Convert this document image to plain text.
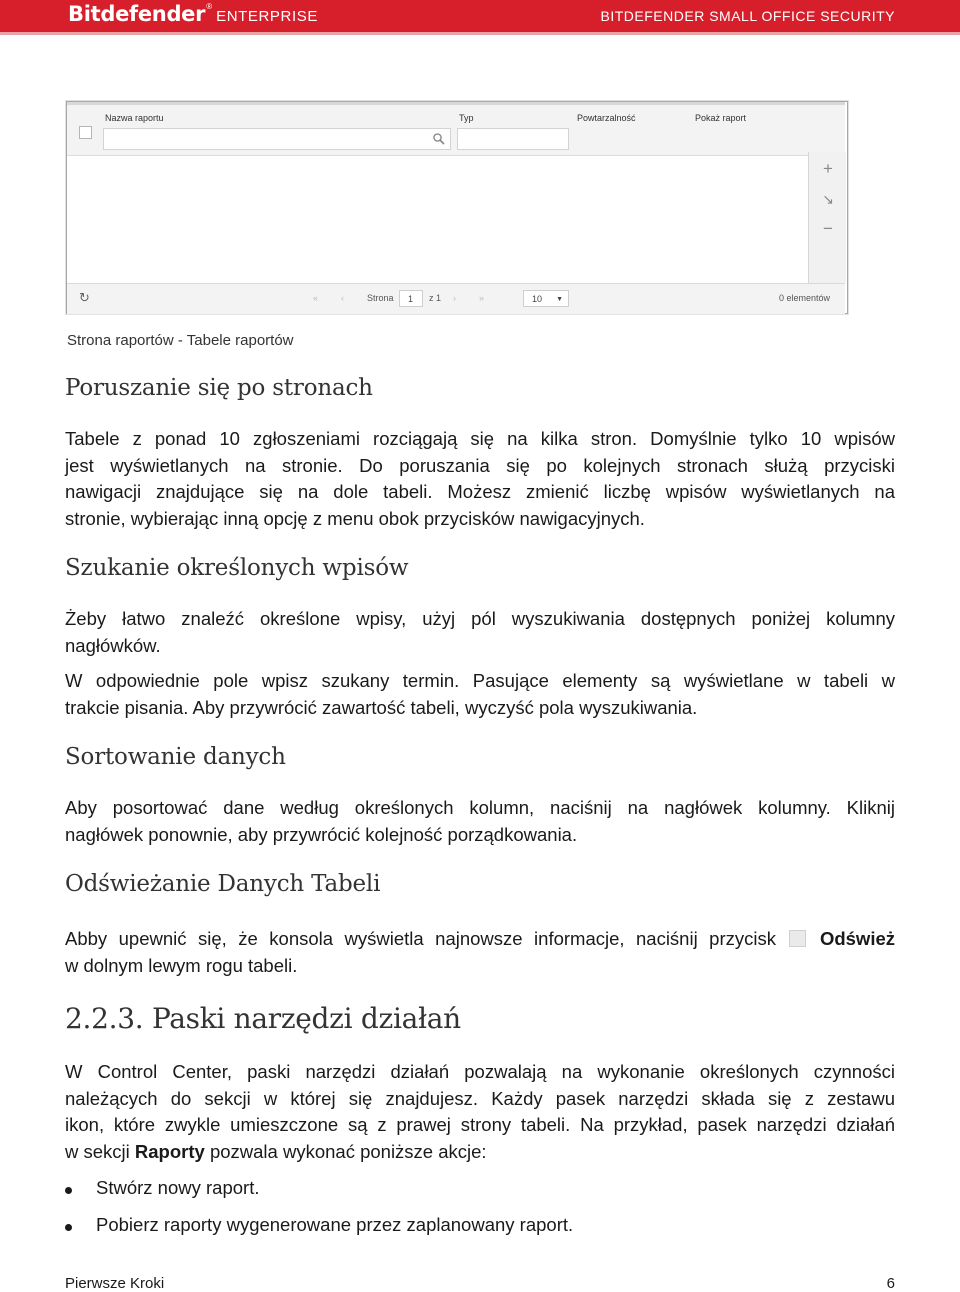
Bitdefender®ENTERPRISE	BITDEFENDER SMALL OFFICE SECURITY
Nazwa raportu	Typ	Powtarzalność	Pokaż raport
+
↘
−
↻	«	‹	Strona	1	z 1 ›	»	10 ▼	0 elementów
Strona raportów - Tabele raportów
Poruszanie się po stronach
Tabele z ponad 10 zgłoszeniami rozciągają się na kilka stron. Domyślnie tylko 10 wpisów
jest wyświetlanych na stronie. Do poruszania się po kolejnych stronach służą przyciski
nawigacji znajdujące się na dole tabeli. Możesz zmienić liczbę wpisów wyświetlanych na
stronie, wybierając inną opcję z menu obok przycisków nawigacyjnych.
Szukanie określonych wpisów
Żeby łatwo znaleźć określone wpisy, użyj pól wyszukiwania dostępnych poniżej kolumny
nagłówków.
W odpowiednie pole wpisz szukany termin. Pasujące elementy są wyświetlane w tabeli w
trakcie pisania. Aby przywrócić zawartość tabeli, wyczyść pola wyszukiwania.
Sortowanie danych
Aby posortować dane według określonych kolumn, naciśnij na nagłówek kolumny. Kliknij
nagłówek ponownie, aby przywrócić kolejność porządkowania.
Odświeżanie Danych Tabeli
Abby upewnić się, że konsola wyświetla najnowsze informacje, naciśnij przycisk Odśwież
w dolnym lewym rogu tabeli.
2.2.3. Paski narzędzi działań
W Control Center, paski narzędzi działań pozwalają na wykonanie określonych czynności
należących do sekcji w której się znajdujesz. Każdy pasek narzędzi składa się z zestawu
ikon, które zwykle umieszczone są z prawej strony tabeli. Na przykład, pasek narzędzi działań
w sekcji Raporty pozwala wykonać poniższe akcje:
Stwórz nowy raport.
Pobierz raporty wygenerowane przez zaplanowany raport.
Pierwsze Kroki	6
